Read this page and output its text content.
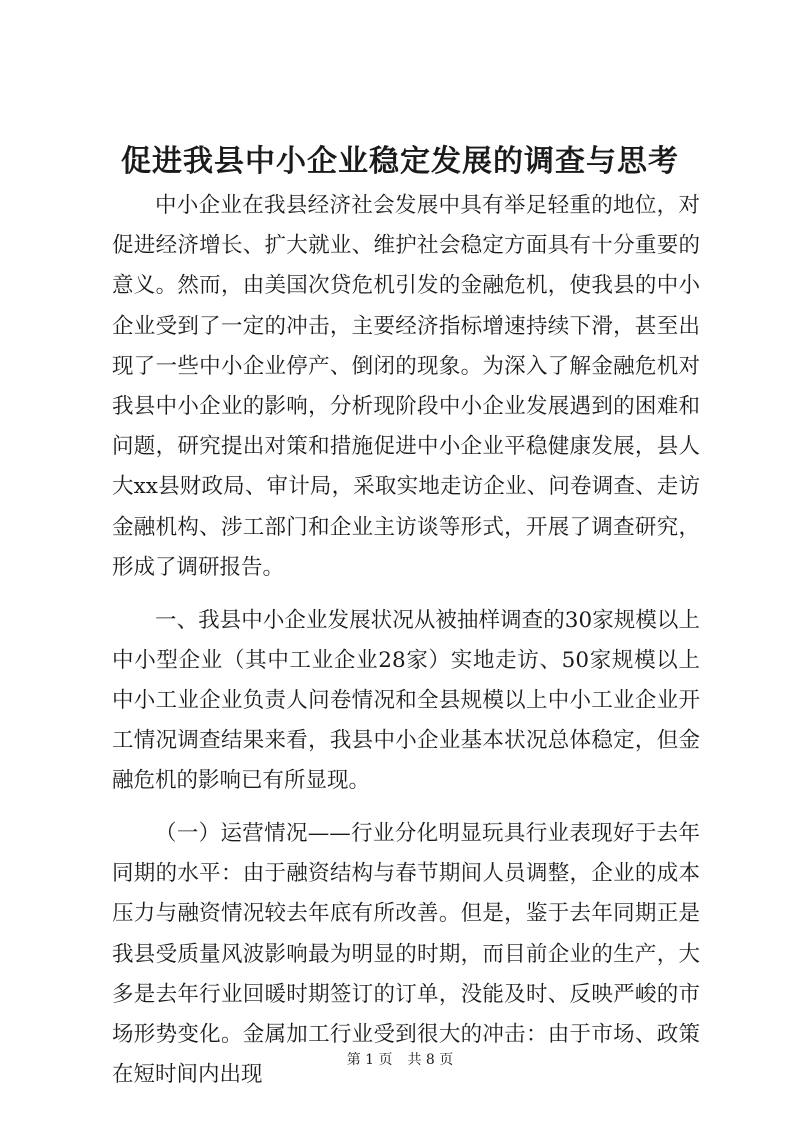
促进我县中小企业稳定发展的调查与思考

中小企业在我县经济社会发展中具有举足轻重的地位，对促进经济增长、扩大就业、维护社会稳定方面具有十分重要的意义。然而，由美国次贷危机引发的金融危机，使我县的中小企业受到了一定的冲击，主要经济指标增速持续下滑，甚至出现了一些中小企业停产、倒闭的现象。为深入了解金融危机对我县中小企业的影响，分析现阶段中小企业发展遇到的困难和问题，研究提出对策和措施促进中小企业平稳健康发展，县人大xx县财政局、审计局，采取实地走访企业、问卷调查、走访金融机构、涉工部门和企业主访谈等形式，开展了调查研究，形成了调研报告。

一、我县中小企业发展状况从被抽样调查的30家规模以上中小型企业（其中工业企业28家）实地走访、50家规模以上中小工业企业负责人问卷情况和全县规模以上中小工业企业开工情况调查结果来看，我县中小企业基本状况总体稳定，但金融危机的影响已有所显现。

（一）运营情况——行业分化明显玩具行业表现好于去年同期的水平：由于融资结构与春节期间人员调整，企业的成本压力与融资情况较去年底有所改善。但是，鉴于去年同期正是我县受质量风波影响最为明显的时期，而目前企业的生产，大多是去年行业回暖时期签订的订单，没能及时、反映严峻的市场形势变化。金属加工行业受到很大的冲击：由于市场、政策在短时间内出现

第 1 页 共 8 页
